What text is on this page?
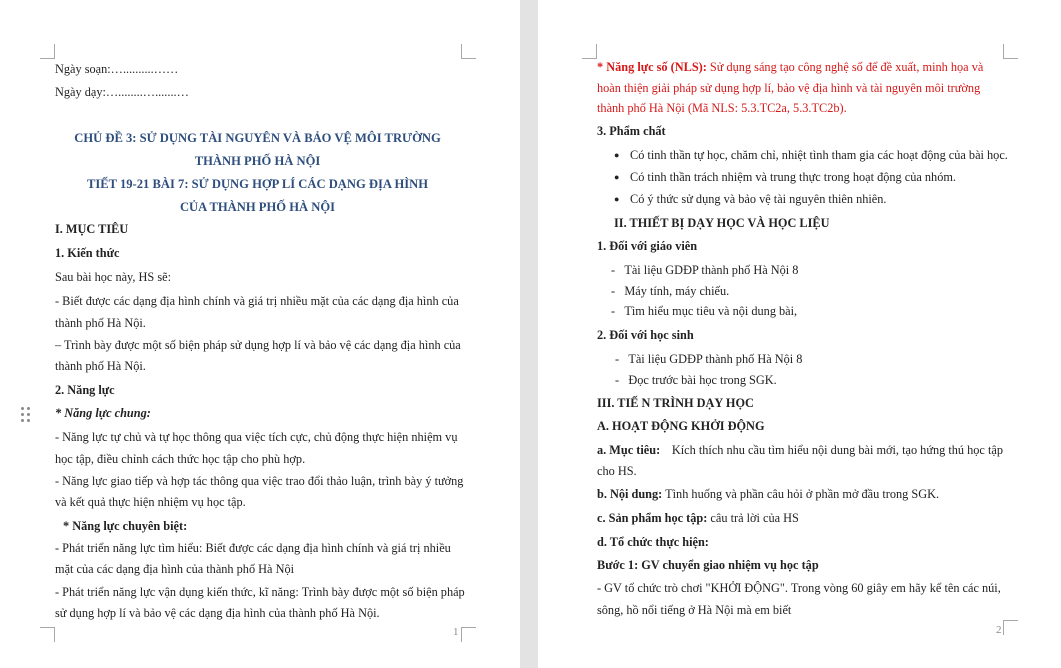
Ngày soạn:…..........……
Ngày dạy:…........….......…
CHỦ ĐỀ 3: SỬ DỤNG TÀI NGUYÊN VÀ BẢO VỆ MÔI TRƯỜNG
THÀNH PHỐ HÀ NỘI
TIẾT 19-21 BÀI 7: SỬ DỤNG HỢP LÍ CÁC DẠNG ĐỊA HÌNH
CỦA THÀNH PHỐ HÀ NỘI
I. MỤC TIÊU
1. Kiến thức
Sau bài học này, HS sẽ:
- Biết được các dạng địa hình chính và giá trị nhiều mặt của các dạng địa hình của
thành phố Hà Nội.
– Trình bày được một số biện pháp sử dụng hợp lí và bảo vệ các dạng địa hình của
thành phố Hà Nội.
2. Năng lực
* Năng lực chung:
- Năng lực tự chủ và tự học thông qua việc tích cực, chủ động thực hiện nhiệm vụ
học tập, điều chỉnh cách thức học tập cho phù hợp.
- Năng lực giao tiếp và hợp tác thông qua việc trao đổi thảo luận, trình bày ý tưởng
và kết quả thực hiện nhiệm vụ học tập.
* Năng lực chuyên biệt:
- Phát triển năng lực tìm hiểu: Biết được các dạng địa hình chính và giá trị nhiều
mặt của các dạng địa hình của thành phố Hà Nội
- Phát triển năng lực vận dụng kiến thức, kĩ năng: Trình bày được một số biện pháp
sử dụng hợp lí và bảo vệ các dạng địa hình của thành phố Hà Nội.
1
* Năng lực số (NLS): Sử dụng sáng tạo công nghệ số để đề xuất, minh họa và
hoàn thiện giải pháp sử dụng hợp lí, bảo vệ địa hình và tài nguyên môi trường
thành phố Hà Nội (Mã NLS: 5.3.TC2a, 5.3.TC2b).
3. Phẩm chất
● Có tinh thần tự học, chăm chỉ, nhiệt tình tham gia các hoạt động của bài học.
● Có tinh thần trách nhiệm và trung thực trong hoạt động của nhóm.
● Có ý thức sử dụng và bảo vệ tài nguyên thiên nhiên.
II. THIẾT BỊ DẠY HỌC VÀ HỌC LIỆU
1. Đối với giáo viên
-   Tài liệu GDĐP thành phố Hà Nội 8
-   Máy tính, máy chiếu.
-   Tìm hiểu mục tiêu và nội dung bài,
2. Đối với học sinh
-   Tài liệu GDĐP thành phố Hà Nội 8
-   Đọc trước bài học trong SGK.
III. TIẾ N TRÌNH DẠY HỌC
A. HOẠT ĐỘNG KHỞI ĐỘNG
a. Mục tiêu: Kích thích nhu cầu tìm hiểu nội dung bài mới, tạo hứng thú học tập
cho HS.
b. Nội dung: Tình huống và phần câu hỏi ở phần mở đầu trong SGK.
c. Sản phẩm học tập: câu trả lời của HS
d. Tổ chức thực hiện:
Bước 1: GV chuyển giao nhiệm vụ học tập
- GV tổ chức trò chơi "KHỞI ĐỘNG". Trong vòng 60 giây em hãy kể tên các núi,
sông, hồ nổi tiếng ở Hà Nội mà em biết
2
